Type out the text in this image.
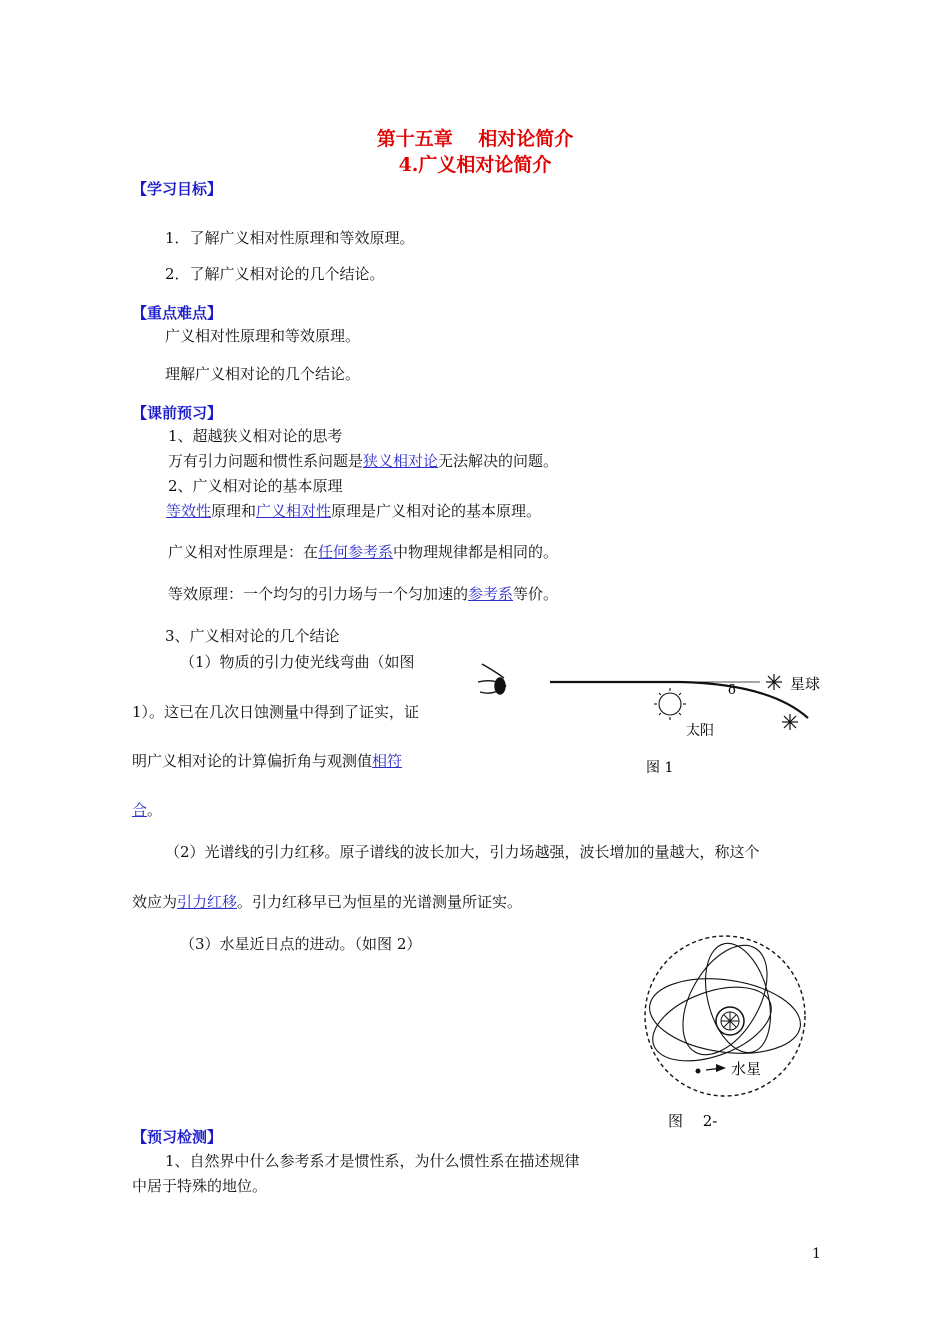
第十五章　 相对论简介
4.广义相对论简介
【学习目标】
1．了解广义相对性原理和等效原理。
2．了解广义相对论的几个结论。
【重点难点】
广义相对性原理和等效原理。
理解广义相对论的几个结论。
【课前预习】
1、超越狭义相对论的思考
万有引力问题和惯性系问题是狭义相对论无法解决的问题。
2、广义相对论的基本原理
等效性原理和广义相对性原理是广义相对论的基本原理。
广义相对性原理是：在任何参考系中物理规律都是相同的。
等效原理：一个均匀的引力场与一个匀加速的参考系等价。
3、广义相对论的几个结论
（1）物质的引力使光线弯曲（如图
1）。这已在几次日蚀测量中得到了证实，证
明广义相对论的计算偏折角与观测值相符
合。
（2）光谱线的引力红移。原子谱线的波长加大，引力场越强，波长增加的量越大，称这个
效应为引力红移。引力红移早已为恒星的光谱测量所证实。
（3）水星近日点的进动。（如图 2）
δ	星球
太阳
图 1
水星
图　 2-
【预习检测】
1、自然界中什么参考系才是惯性系，为什么惯性系在描述规律
中居于特殊的地位。
1
